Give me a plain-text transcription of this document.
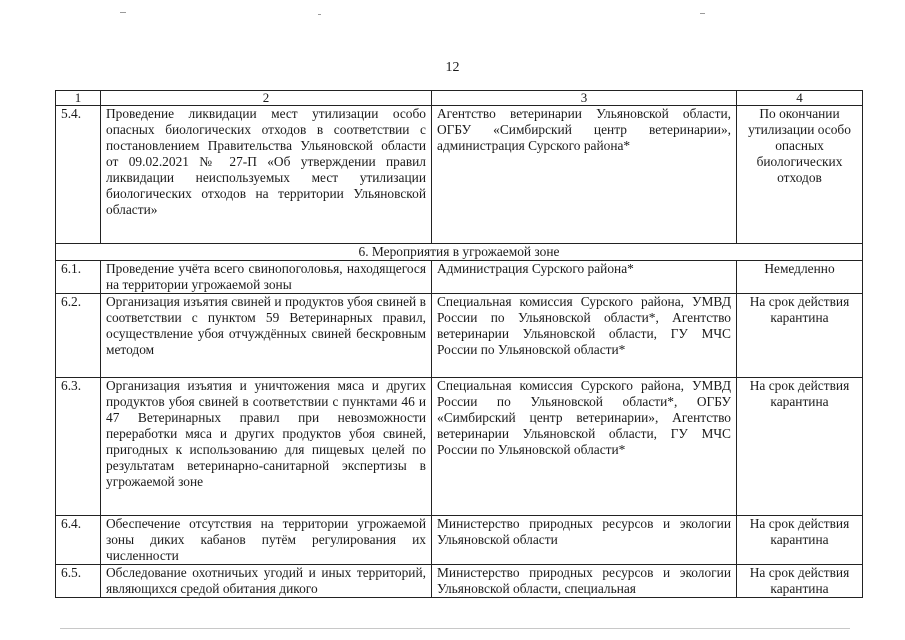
12
1	2	3	4
5.4.	Проведение ликвидации мест утилизации особо опасных биологических отходов в соответствии с постановлением Правительства Ульяновской области от 09.02.2021 № 27-П «Об утверждении правил ликвидации неиспользуемых мест утилизации биологических отходов на территории Ульяновской области»	Агентство ветеринарии Ульяновской области, ОГБУ «Симбирский центр ветеринарии», администрация Сурского района*	По окончании утилизации особо опасных биологических отходов
6. Мероприятия в угрожаемой зоне			
6.1.	Проведение учёта всего свинопоголовья, находящегося на территории угрожаемой зоны	Администрация Сурского района*	Немедленно
6.2.	Организация изъятия свиней и продуктов убоя свиней в соответствии с пунктом 59 Ветеринарных правил, осуществление убоя отчуждённых свиней бескровным методом	Специальная комиссия Сурского района, УМВД России по Ульяновской области*, Агентство ветеринарии Ульяновской области, ГУ МЧС России по Ульяновской области*	На срок действия карантина
6.3.	Организация изъятия и уничтожения мяса и других продуктов убоя свиней в соответствии с пунктами 46 и 47 Ветеринарных правил при невозможности переработки мяса и других продуктов убоя свиней, пригодных к использованию для пищевых целей по результатам ветеринарно-санитарной экспертизы в угрожаемой зоне	Специальная комиссия Сурского района, УМВД России по Ульяновской области*, ОГБУ «Симбирский центр ветеринарии», Агентство ветеринарии Ульяновской области, ГУ МЧС России по Ульяновской области*	На срок действия карантина
6.4.	Обеспечение отсутствия на территории угрожаемой зоны диких кабанов путём регулирования их численности	Министерство природных ресурсов и экологии Ульяновской области	На срок действия карантина
6.5.	Обследование охотничьих угодий и иных территорий, являющихся средой обитания дикого	Министерство природных ресурсов и экологии Ульяновской области, специальная	На срок действия карантина
